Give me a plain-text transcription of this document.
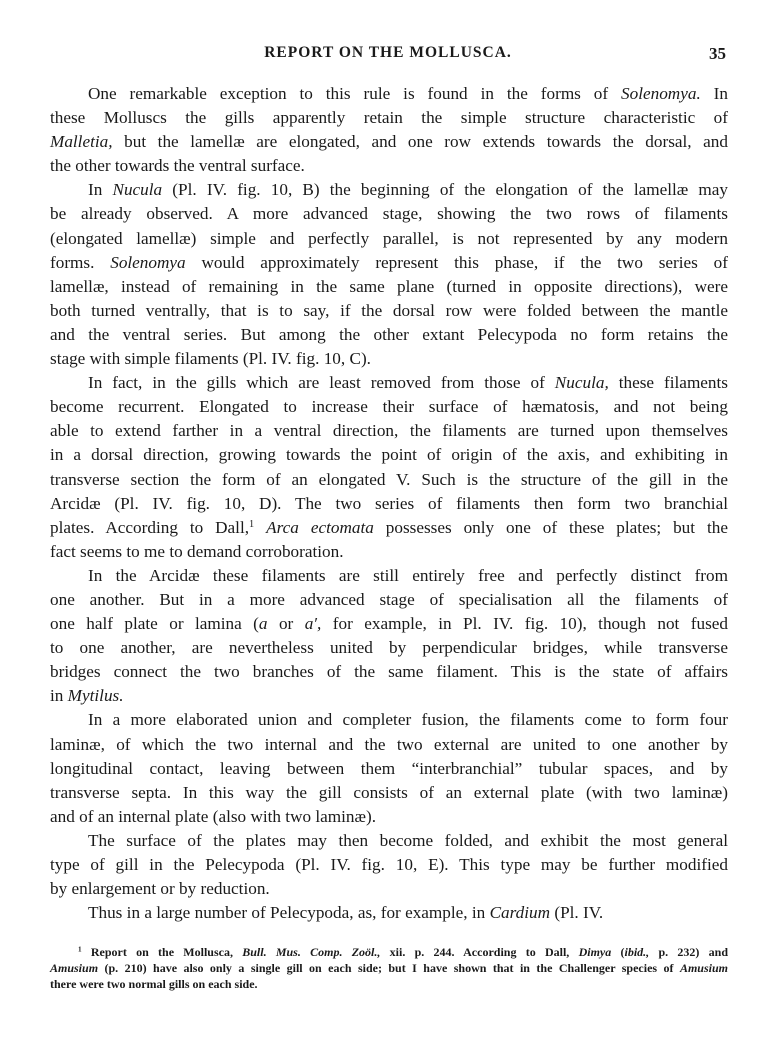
REPORT ON THE MOLLUSCA.	35
One remarkable exception to this rule is found in the forms of Solenomya. In
these Molluscs the gills apparently retain the simple structure characteristic of
Malletia, but the lamellæ are elongated, and one row extends towards the dorsal, and
the other towards the ventral surface.
In Nucula (Pl. IV. fig. 10, B) the beginning of the elongation of the lamellæ may
be already observed. A more advanced stage, showing the two rows of filaments
(elongated lamellæ) simple and perfectly parallel, is not represented by any modern
forms. Solenomya would approximately represent this phase, if the two series of
lamellæ, instead of remaining in the same plane (turned in opposite directions), were
both turned ventrally, that is to say, if the dorsal row were folded between the mantle
and the ventral series. But among the other extant Pelecypoda no form retains the
stage with simple filaments (Pl. IV. fig. 10, C).
In fact, in the gills which are least removed from those of Nucula, these filaments
become recurrent. Elongated to increase their surface of hæmatosis, and not being
able to extend farther in a ventral direction, the filaments are turned upon themselves
in a dorsal direction, growing towards the point of origin of the axis, and exhibiting in
transverse section the form of an elongated V. Such is the structure of the gill in the
Arcidæ (Pl. IV. fig. 10, D). The two series of filaments then form two branchial
plates. According to Dall,$^1$ Arca ectomata possesses only one of these plates; but the
fact seems to me to demand corroboration.
In the Arcidæ these filaments are still entirely free and perfectly distinct from
one another. But in a more advanced stage of specialisation all the filaments of
one half plate or lamina (a or a′, for example, in Pl. IV. fig. 10), though not fused
to one another, are nevertheless united by perpendicular bridges, while transverse
bridges connect the two branches of the same filament. This is the state of affairs
in Mytilus.
In a more elaborated union and completer fusion, the filaments come to form four
laminæ, of which the two internal and the two external are united to one another by
longitudinal contact, leaving between them “interbranchial” tubular spaces, and by
transverse septa. In this way the gill consists of an external plate (with two laminæ)
and of an internal plate (also with two laminæ).
The surface of the plates may then become folded, and exhibit the most general
type of gill in the Pelecypoda (Pl. IV. fig. 10, E). This type may be further modified
by enlargement or by reduction.
Thus in a large number of Pelecypoda, as, for example, in Cardium (Pl. IV.
$^1$ Report on the Mollusca, Bull. Mus. Comp. Zoöl., xii. p. 244. According to Dall, Dimya (ibid., p. 232) and
Amusium (p. 210) have also only a single gill on each side; but I have shown that in the Challenger species of Amusium
there were two normal gills on each side.
